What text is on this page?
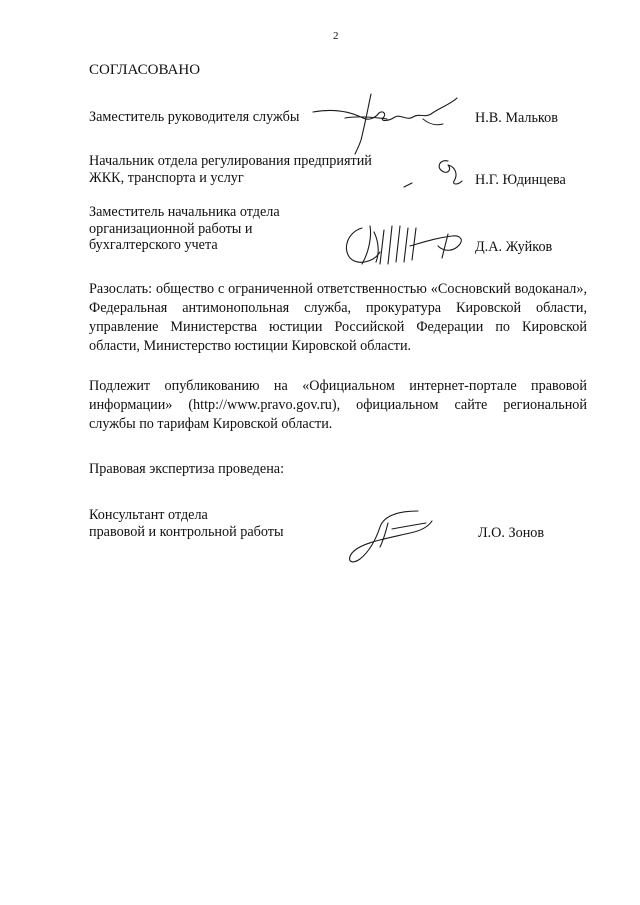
2
СОГЛАСОВАНО
Заместитель руководителя службы	Н.В. Мальков
Начальник отдела регулирования предприятий
ЖКК, транспорта и услуг	Н.Г. Юдинцева
Заместитель начальника отдела
организационной работы и
бухгалтерского учета	Д.А. Жуйков
Разослать: общество с ограниченной ответственностью «Сосновский водоканал», Федеральная антимонопольная служба, прокуратура Кировской области, управление Министерства юстиции Российской Федерации по Кировской области, Министерство юстиции Кировской области.
Подлежит опубликованию на «Официальном интернет-портале правовой информации» (http://www.pravo.gov.ru), официальном сайте региональной службы по тарифам Кировской области.
Правовая экспертиза проведена:
Консультант отдела
правовой и контрольной работы	Л.О. Зонов
